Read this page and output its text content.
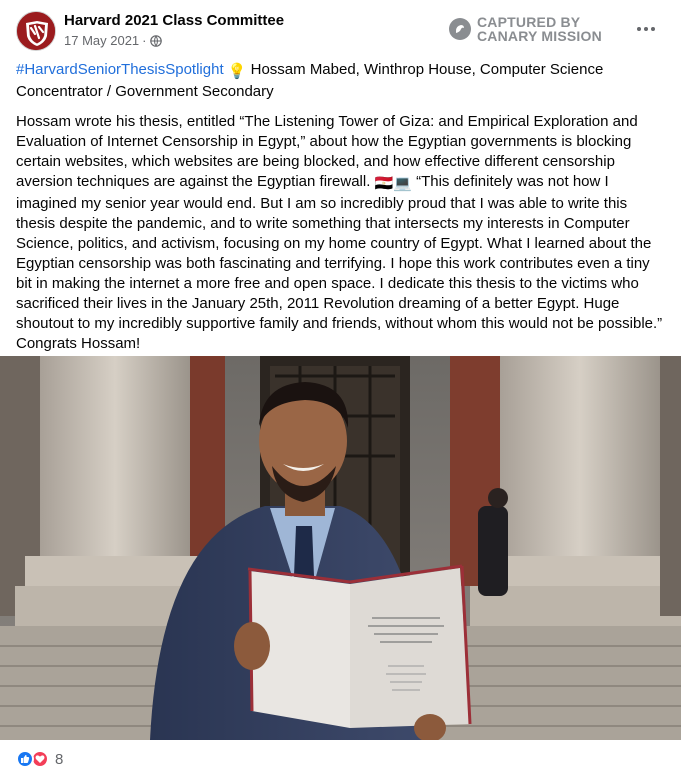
Harvard 2021 Class Committee
17 May 2021 ·
CAPTURED BY
CANARY MISSION

#HarvardSeniorThesisSpotlight 💡 Hossam Mabed, Winthrop House, Computer Science Concentrator / Government Secondary

Hossam wrote his thesis, entitled “The Listening Tower of Giza: and Empirical Exploration and Evaluation of Internet Censorship in Egypt,” about how the Egyptian governments is blocking certain websites, which websites are being blocked, and how effective different censorship aversion techniques are against the Egyptian firewall. 🇪🇬💻 “This definitely was not how I imagined my senior year would end. But I am so incredibly proud that I was able to write this thesis despite the pandemic, and to write something that intersects my interests in Computer Science, politics, and activism, focusing on my home country of Egypt. What I learned about the Egyptian censorship was both fascinating and terrifying. I hope this work contributes even a tiny bit in making the internet a more free and open space. I dedicate this thesis to the victims who sacrificed their lives in the January 25th, 2011 Revolution dreaming of a better Egypt. Huge shoutout to my incredibly supportive family and friends, without whom this would not be possible.” Congrats Hossam!

8
